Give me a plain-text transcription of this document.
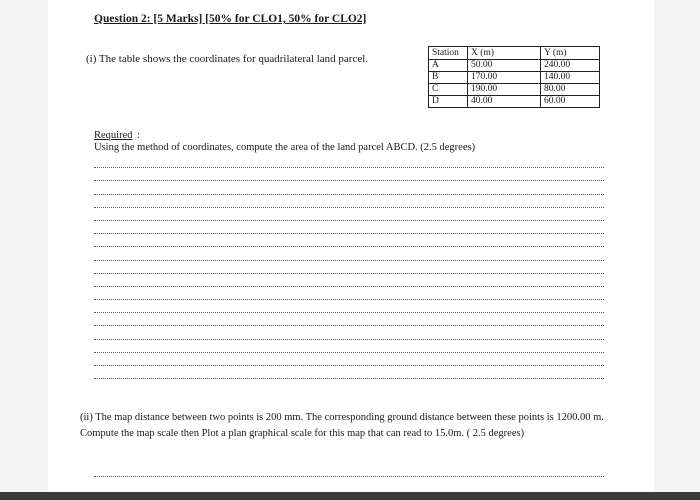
Question 2: [5 Marks] [50% for CLO1, 50% for CLO2]
(i) The table shows the coordinates for quadrilateral land parcel.
Station	X (m)	Y (m)
A	50.00	240.00
B	170.00	140.00
C	190.00	80.00
D	40.00	60.00
Required :
Using the method of coordinates, compute the area of the land parcel ABCD. (2.5 degrees)
(ii) The map distance between two points is 200 mm. The corresponding ground distance between these points is 1200.00 m. Compute the map scale then Plot a plan graphical scale for this map that can read to 15.0m. ( 2.5 degrees)
